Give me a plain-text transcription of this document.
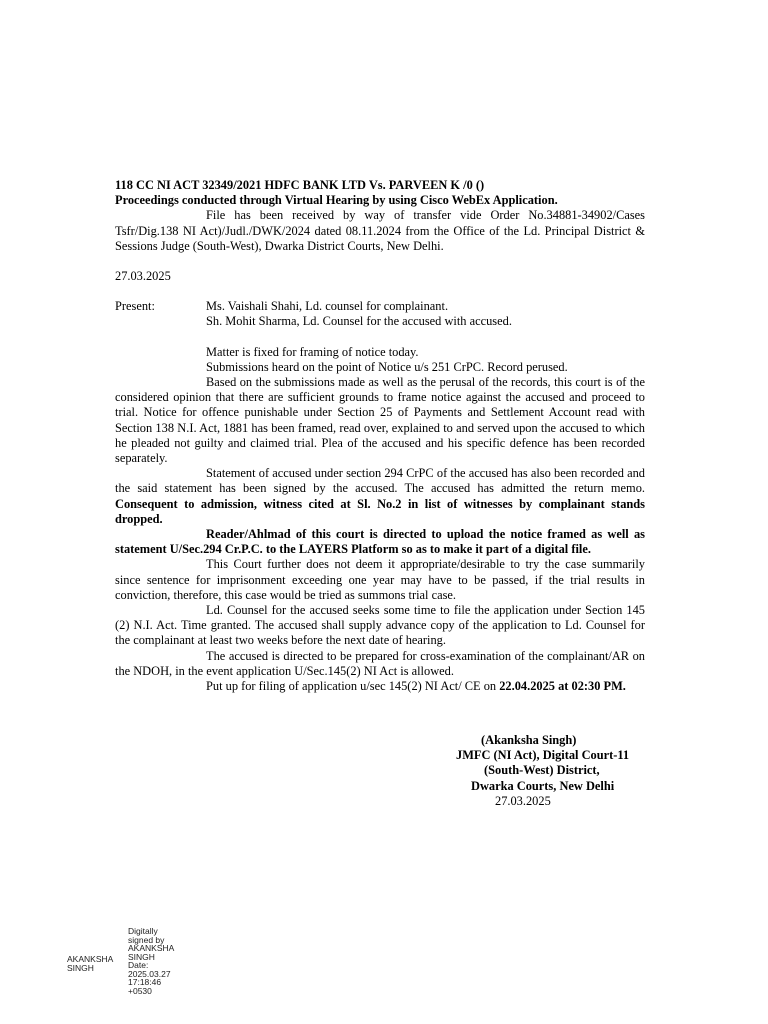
118 CC NI ACT 32349/2021 HDFC BANK LTD Vs. PARVEEN K /0 ()

Proceedings conducted through Virtual Hearing by using Cisco WebEx Application.

File has been received by way of transfer vide Order No.34881-34902/Cases Tsfr/Dig.138 NI Act)/Judl./DWK/2024 dated 08.11.2024 from the Office of the Ld. Principal District & Sessions Judge (South-West), Dwarka District Courts, New Delhi.

27.03.2025

Present:	Ms. Vaishali Shahi, Ld. counsel for complainant.
Sh. Mohit Sharma, Ld. Counsel for the accused with accused.

Matter is fixed for framing of notice today.

Submissions heard on the point of Notice u/s 251 CrPC. Record perused.

Based on the submissions made as well as the perusal of the records, this court is of the considered opinion that there are sufficient grounds to frame notice against the accused and proceed to trial. Notice for offence punishable under Section 25 of Payments and Settlement Account read with Section 138 N.I. Act, 1881 has been framed, read over, explained to and served upon the accused to which he pleaded not guilty and claimed trial. Plea of the accused and his specific defence has been recorded separately.

Statement of accused under section 294 CrPC of the accused has also been recorded and the said statement has been signed by the accused. The accused has admitted the return memo. Consequent to admission, witness cited at Sl. No.2 in list of witnesses by complainant stands dropped.

Reader/Ahlmad of this court is directed to upload the notice framed as well as statement U/Sec.294 Cr.P.C. to the LAYERS Platform so as to make it part of a digital file.

This Court further does not deem it appropriate/desirable to try the case summarily since sentence for imprisonment exceeding one year may have to be passed, if the trial results in conviction, therefore, this case would be tried as summons trial case.

Ld. Counsel for the accused seeks some time to file the application under Section 145 (2) N.I. Act. Time granted. The accused shall supply advance copy of the application to Ld. Counsel for the complainant at least two weeks before the next date of hearing.

The accused is directed to be prepared for cross-examination of the complainant/AR on the NDOH, in the event application U/Sec.145(2) NI Act is allowed.

Put up for filing of application u/sec 145(2) NI Act/ CE on 22.04.2025 at 02:30 PM.

(Akanksha Singh)
JMFC (NI Act), Digital Court-11
(South-West) District,
Dwarka Courts, New Delhi
27.03.2025
AKANKSHA
SINGH
Digitally
signed by
AKANKSHA
SINGH
Date:
2025.03.27
17:18:46
+0530
